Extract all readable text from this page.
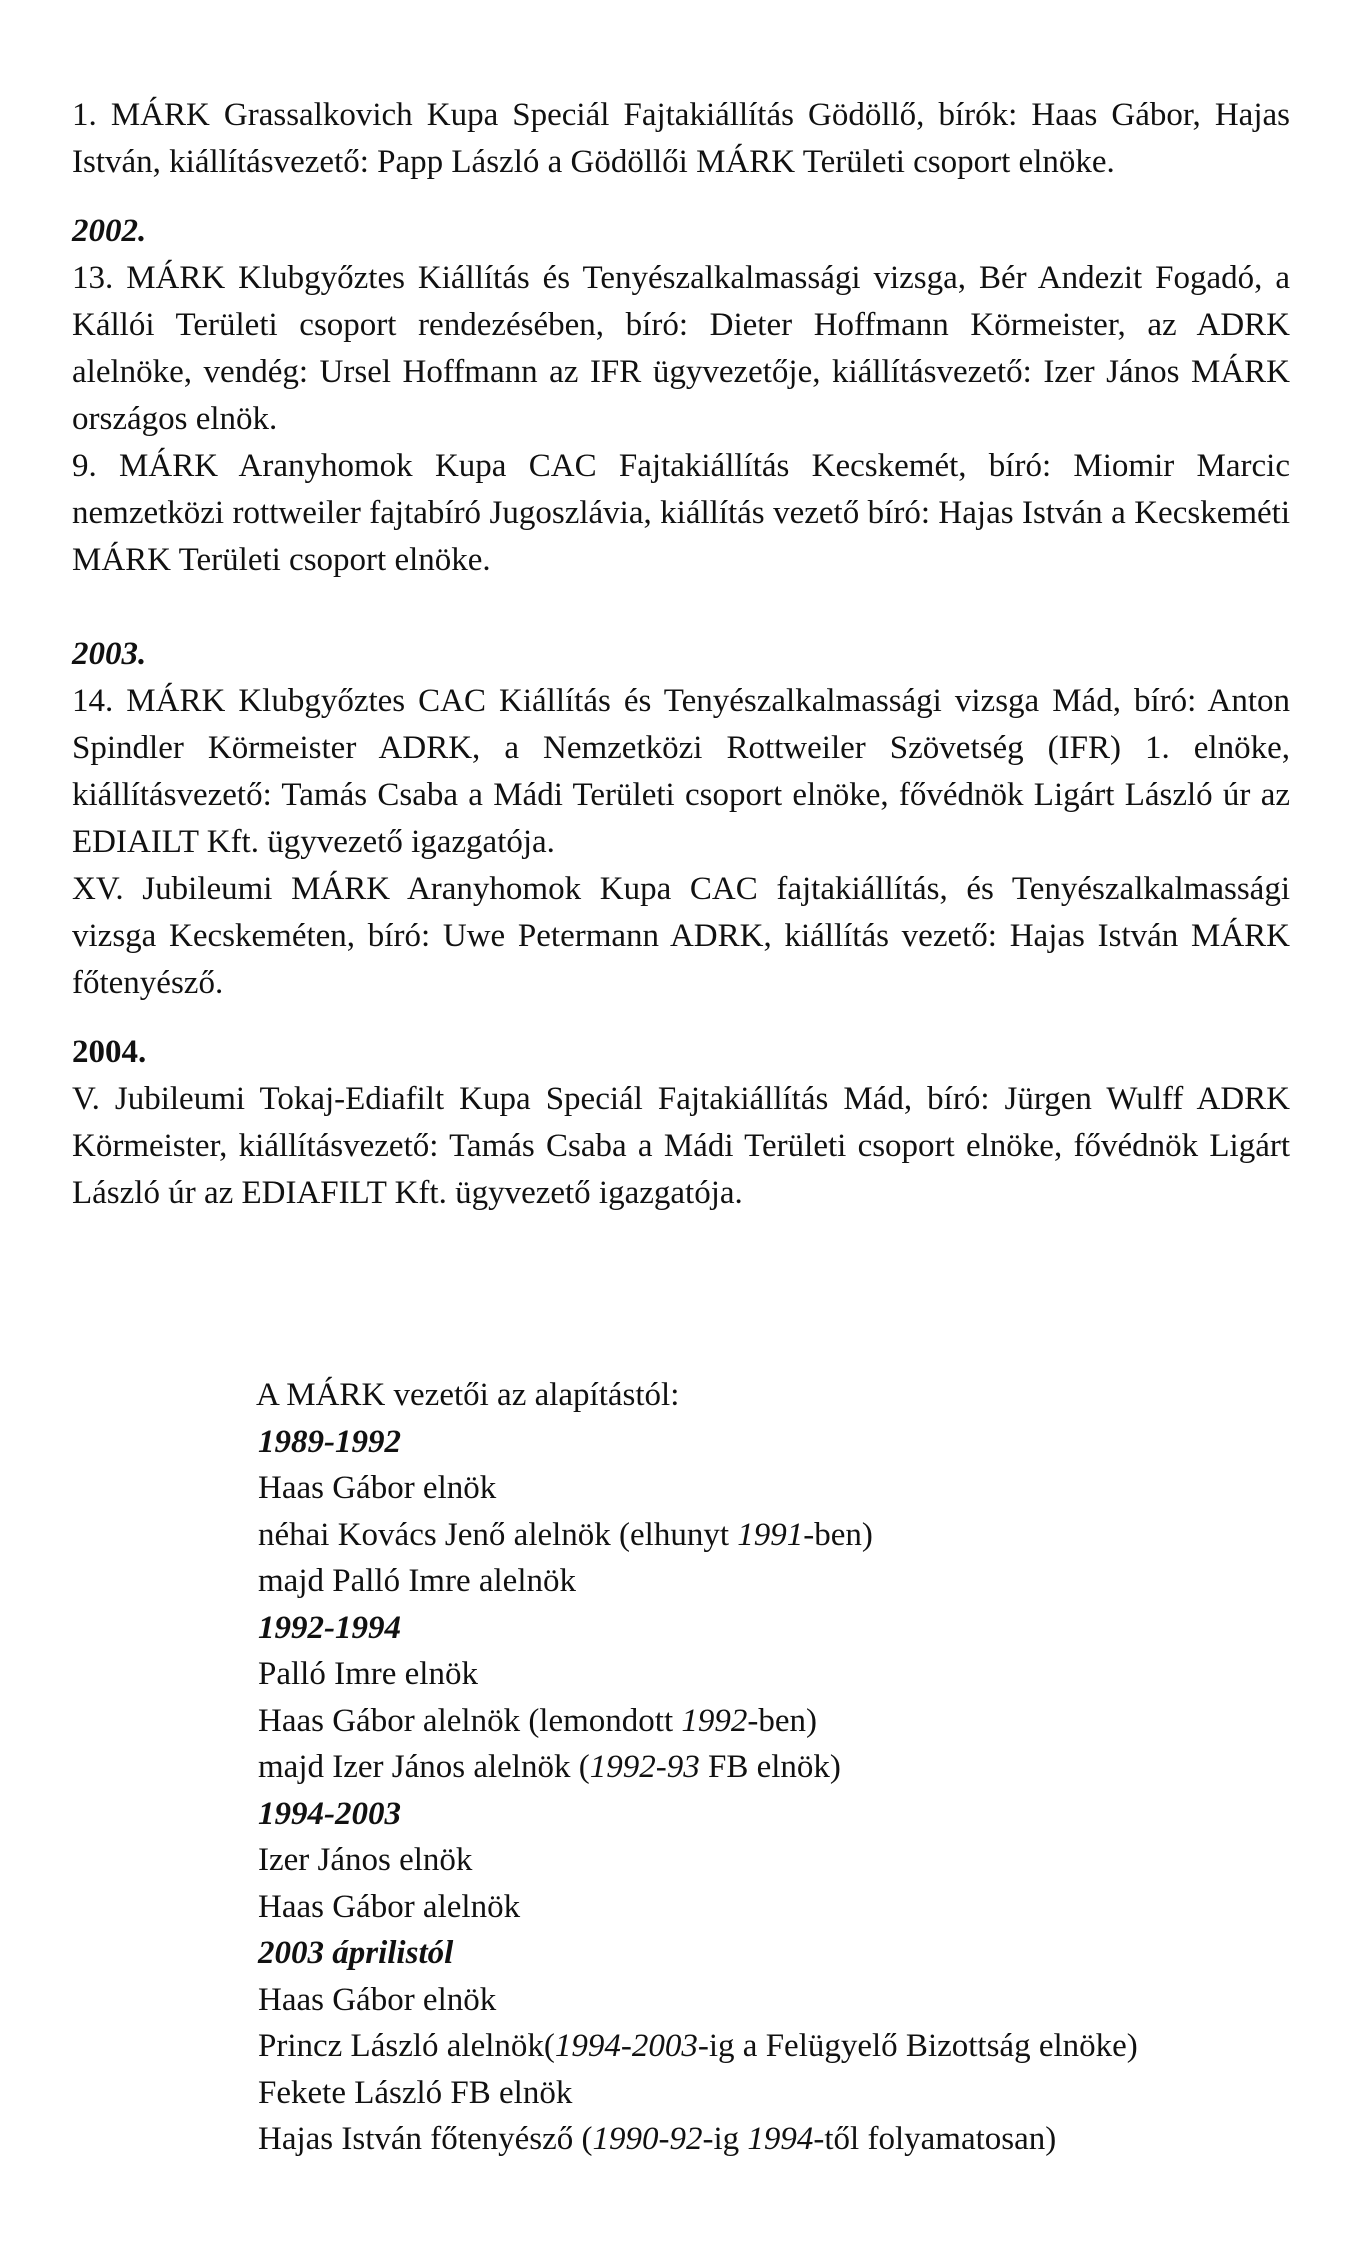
1. MÁRK Grassalkovich Kupa Speciál Fajtakiállítás Gödöllő, bírók: Haas Gábor, Hajas István, kiállításvezető: Papp László a Gödöllői MÁRK Területi csoport elnöke.

2002.

13. MÁRK Klubgyőztes Kiállítás és Tenyészalkalmassági vizsga, Bér Andezit Fogadó, a Kállói Területi csoport rendezésében, bíró: Dieter Hoffmann Körmeister, az ADRK alelnöke, vendég: Ursel Hoffmann az IFR ügyvezetője, kiállításvezető: Izer János MÁRK országos elnök.

9. MÁRK Aranyhomok Kupa CAC Fajtakiállítás Kecskemét, bíró: Miomir Marcic nemzetközi rottweiler fajtabíró Jugoszlávia, kiállítás vezető bíró: Hajas István a Kecskeméti MÁRK Területi csoport elnöke.

2003.

14. MÁRK Klubgyőztes CAC Kiállítás és Tenyészalkalmassági vizsga Mád, bíró: Anton Spindler Körmeister ADRK, a Nemzetközi Rottweiler Szövetség (IFR) 1. elnöke, kiállításvezető: Tamás Csaba a Mádi Területi csoport elnöke, fővédnök Ligárt László úr az EDIAILT Kft. ügyvezető igazgatója.

XV. Jubileumi MÁRK Aranyhomok Kupa CAC fajtakiállítás, és Tenyészalkalmassági vizsga Kecskeméten, bíró: Uwe Petermann ADRK, kiállítás vezető: Hajas István MÁRK főtenyésző.

2004.

V. Jubileumi Tokaj-Ediafilt Kupa Speciál Fajtakiállítás Mád, bíró: Jürgen Wulff ADRK Körmeister, kiállításvezető: Tamás Csaba a Mádi Területi csoport elnöke, fővédnök Ligárt László úr az EDIAFILT Kft. ügyvezető igazgatója.

A MÁRK vezetői az alapítástól:

1989-1992

Haas Gábor elnök

néhai Kovács Jenő alelnök (elhunyt 1991-ben)

majd Palló Imre alelnök

1992-1994

Palló Imre elnök

Haas Gábor alelnök (lemondott 1992-ben)

majd Izer János alelnök (1992-93 FB elnök)

1994-2003

Izer János elnök

Haas Gábor alelnök

2003 áprilistól

Haas Gábor elnök

Princz László alelnök(1994-2003-ig a Felügyelő Bizottság elnöke)

Fekete László FB elnök

Hajas István főtenyésző (1990-92-ig 1994-től folyamatosan)
